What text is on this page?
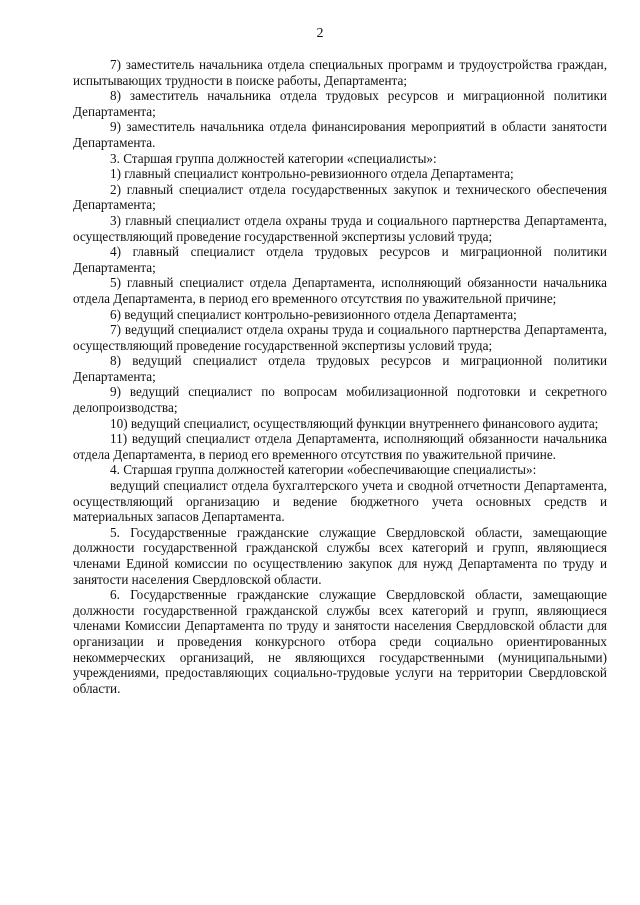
2

7) заместитель начальника отдела специальных программ и трудоустройства граждан, испытывающих трудности в поиске работы, Департамента;

8) заместитель начальника отдела трудовых ресурсов и миграционной политики Департамента;

9) заместитель начальника отдела финансирования мероприятий в области занятости Департамента.

3. Старшая группа должностей категории «специалисты»:

1) главный специалист контрольно-ревизионного отдела Департамента;

2) главный специалист отдела государственных закупок и технического обеспечения Департамента;

3) главный специалист отдела охраны труда и социального партнерства Департамента, осуществляющий проведение государственной экспертизы условий труда;

4) главный специалист отдела трудовых ресурсов и миграционной политики Департамента;

5) главный специалист отдела Департамента, исполняющий обязанности начальника отдела Департамента, в период его временного отсутствия по уважительной причине;

6) ведущий специалист контрольно-ревизионного отдела Департамента;

7) ведущий специалист отдела охраны труда и социального партнерства Департамента, осуществляющий проведение государственной экспертизы условий труда;

8) ведущий специалист отдела трудовых ресурсов и миграционной политики Департамента;

9) ведущий специалист по вопросам мобилизационной подготовки и секретного делопроизводства;

10) ведущий специалист, осуществляющий функции внутреннего финансового аудита;

11) ведущий специалист отдела Департамента, исполняющий обязанности начальника отдела Департамента, в период его временного отсутствия по уважительной причине.

4. Старшая группа должностей категории «обеспечивающие специалисты»:

ведущий специалист отдела бухгалтерского учета и сводной отчетности Департамента, осуществляющий организацию и ведение бюджетного учета основных средств и материальных запасов Департамента.

5. Государственные гражданские служащие Свердловской области, замещающие должности государственной гражданской службы всех категорий и групп, являющиеся членами Единой комиссии по осуществлению закупок для нужд Департамента по труду и занятости населения Свердловской области.

6. Государственные гражданские служащие Свердловской области, замещающие должности государственной гражданской службы всех категорий и групп, являющиеся членами Комиссии Департамента по труду и занятости населения Свердловской области для организации и проведения конкурсного отбора среди социально ориентированных некоммерческих организаций, не являющихся государственными (муниципальными) учреждениями, предоставляющих социально-трудовые услуги на территории Свердловской области.
